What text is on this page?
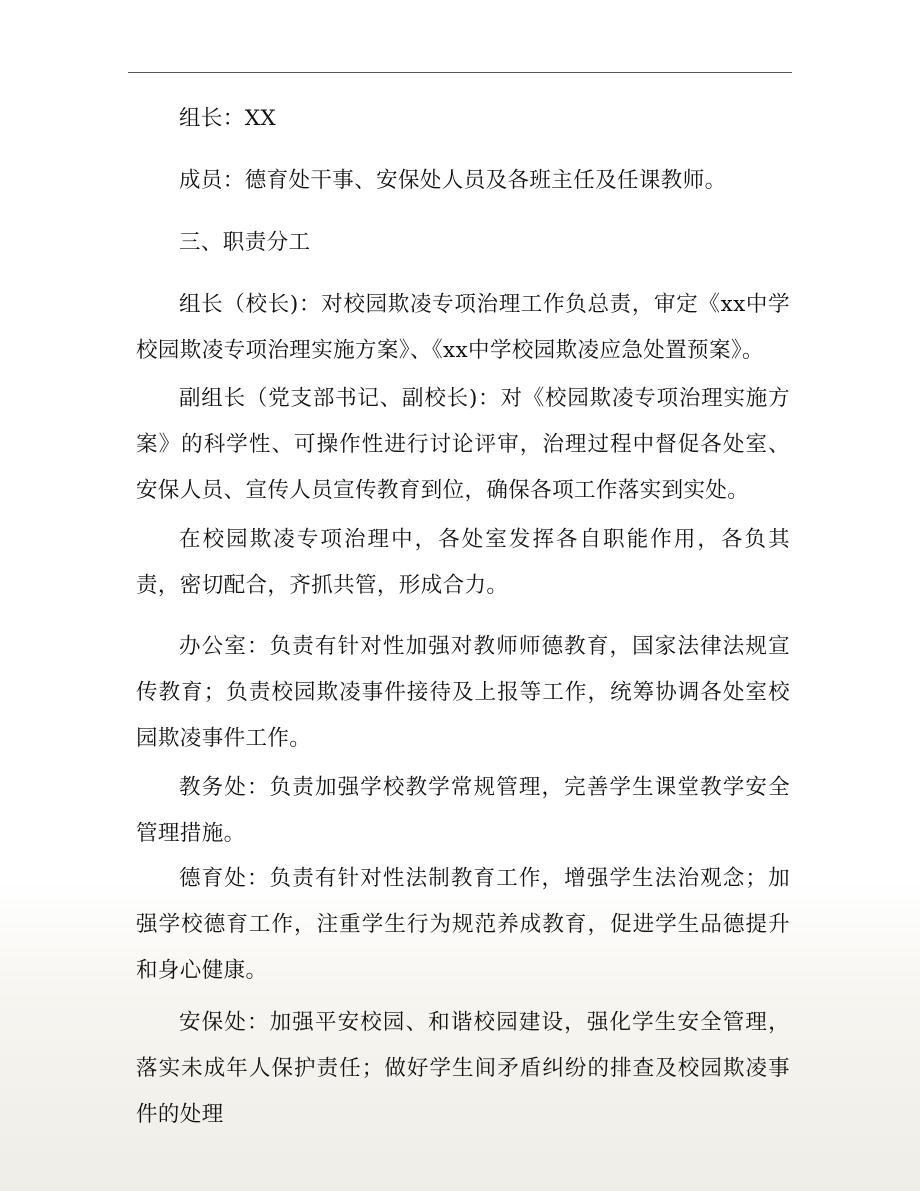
组长：XX

成员：德育处干事、安保处人员及各班主任及任课教师。

三、职责分工

组长（校长)：对校园欺凌专项治理工作负总责，审定《xx中学校园欺凌专项治理实施方案》、《xx中学校园欺凌应急处置预案》。

副组长（党支部书记、副校长)：对《校园欺凌专项治理实施方案》的科学性、可操作性进行讨论评审，治理过程中督促各处室、安保人员、宣传人员宣传教育到位，确保各项工作落实到实处。

在校园欺凌专项治理中，各处室发挥各自职能作用，各负其责，密切配合，齐抓共管，形成合力。

办公室：负责有针对性加强对教师师德教育，国家法律法规宣传教育；负责校园欺凌事件接待及上报等工作，统筹协调各处室校园欺凌事件工作。

教务处：负责加强学校教学常规管理，完善学生课堂教学安全管理措施。

德育处：负责有针对性法制教育工作，增强学生法治观念；加强学校德育工作，注重学生行为规范养成教育，促进学生品德提升和身心健康。

安保处：加强平安校园、和谐校园建设，强化学生安全管理，落实未成年人保护责任；做好学生间矛盾纠纷的排查及校园欺凌事件的处理
